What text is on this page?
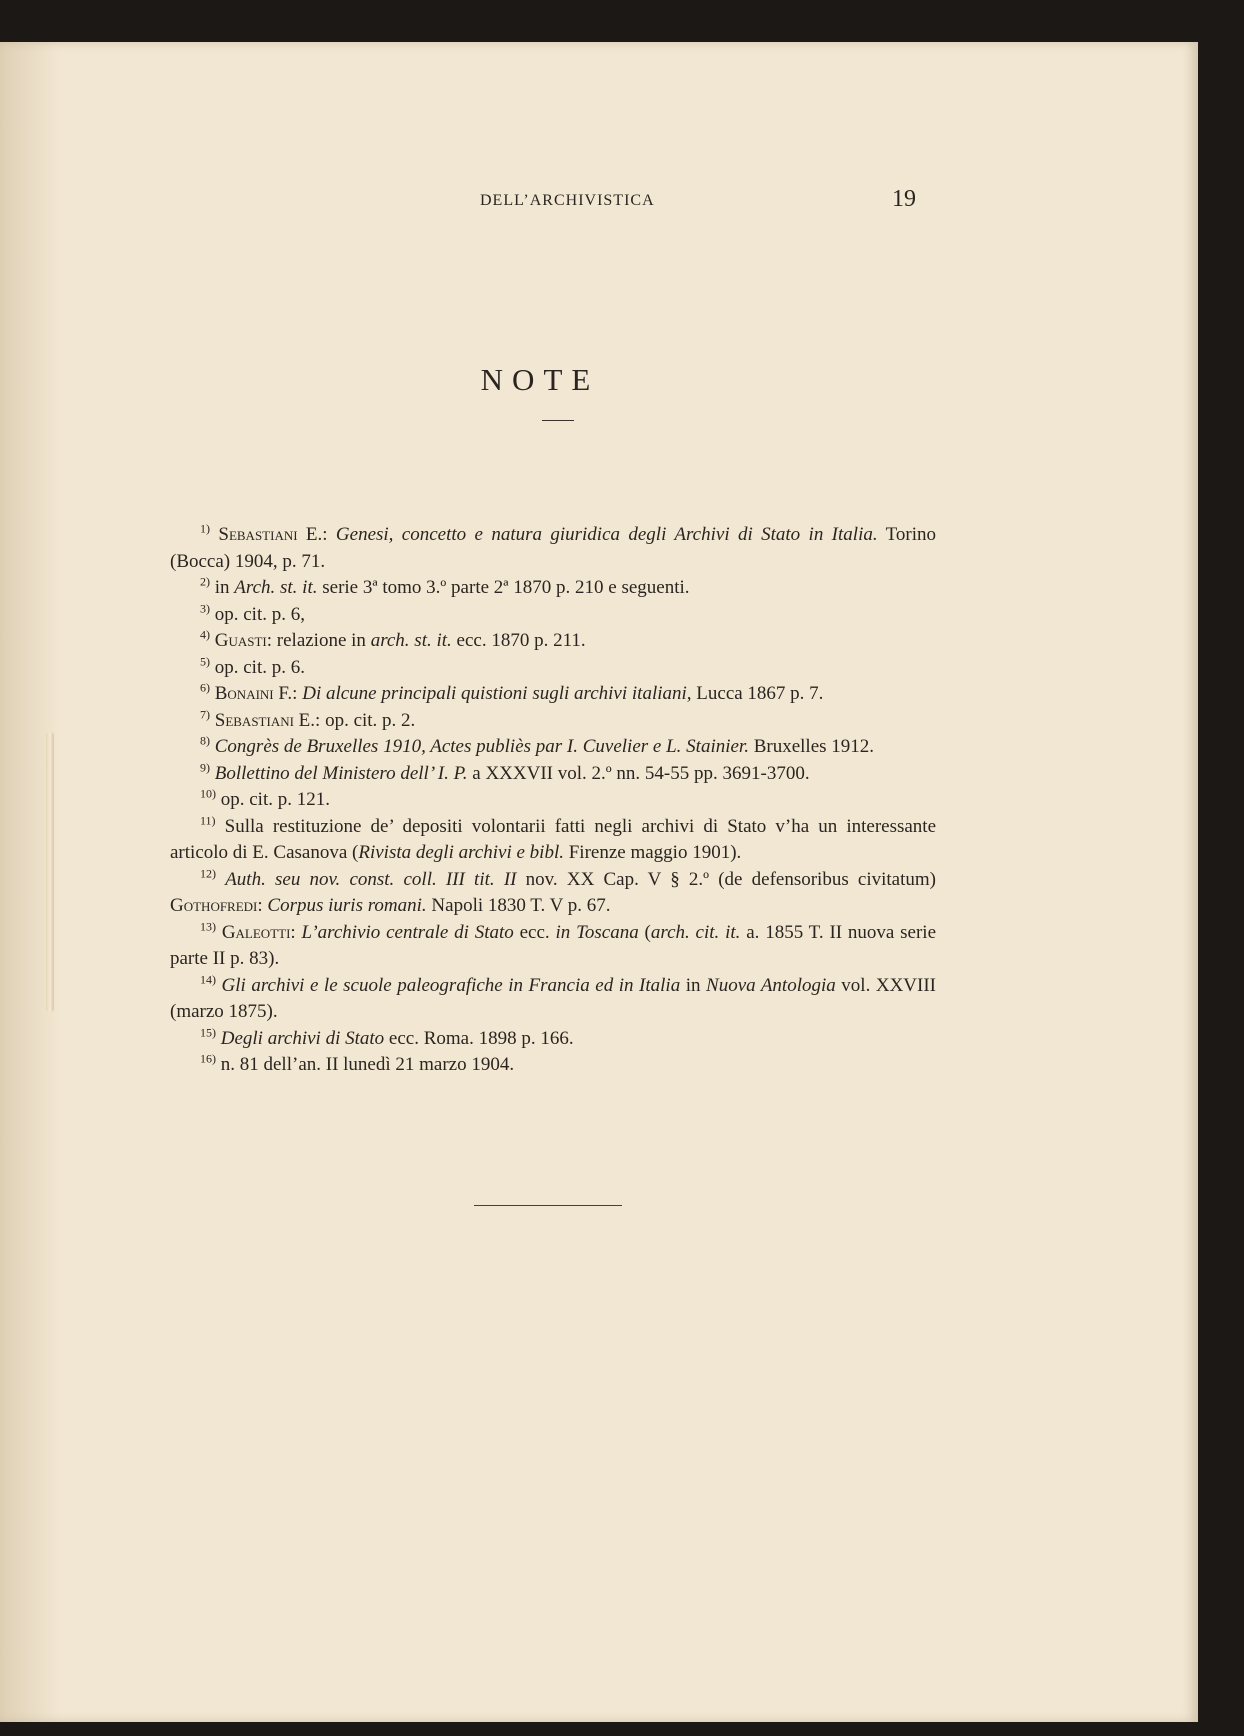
DELL’ARCHIVISTICA	19
NOTE

$^{1)}$ Sebastiani E.: Genesi, concetto e natura giuridica degli Archivi di Stato in Italia. Torino (Bocca) 1904, p. 71.

$^{2)}$ in Arch. st. it. serie 3ª tomo 3.º parte 2ª 1870 p. 210 e seguenti.

$^{3)}$ op. cit. p. 6,

$^{4)}$ Guasti: relazione in arch. st. it. ecc. 1870 p. 211.

$^{5)}$ op. cit. p. 6.

$^{6)}$ Bonaini F.: Di alcune principali quistioni sugli archivi italiani, Lucca 1867 p. 7.

$^{7)}$ Sebastiani E.: op. cit. p. 2.

$^{8)}$ Congrès de Bruxelles 1910, Actes publiès par I. Cuvelier e L. Stainier. Bruxelles 1912.

$^{9)}$ Bollettino del Ministero dell’ I. P. a XXXVII vol. 2.º nn. 54-55 pp. 3691-3700.

$^{10)}$ op. cit. p. 121.

$^{11)}$ Sulla restituzione de’ depositi volontarii fatti negli archivi di Stato v’ha un interessante articolo di E. Casanova (Rivista degli archivi e bibl. Firenze maggio 1901).

$^{12)}$ Auth. seu nov. const. coll. III tit. II nov. XX Cap. V § 2.º (de defensoribus civitatum) Gothofredi: Corpus iuris romani. Napoli 1830 T. V p. 67.

$^{13)}$ Galeotti: L’archivio centrale di Stato ecc. in Toscana (arch. cit. it. a. 1855 T. II nuova serie parte II p. 83).

$^{14)}$ Gli archivi e le scuole paleografiche in Francia ed in Italia in Nuova Antologia vol. XXVIII (marzo 1875).

$^{15)}$ Degli archivi di Stato ecc. Roma. 1898 p. 166.

$^{16)}$ n. 81 dell’an. II lunedì 21 marzo 1904.
